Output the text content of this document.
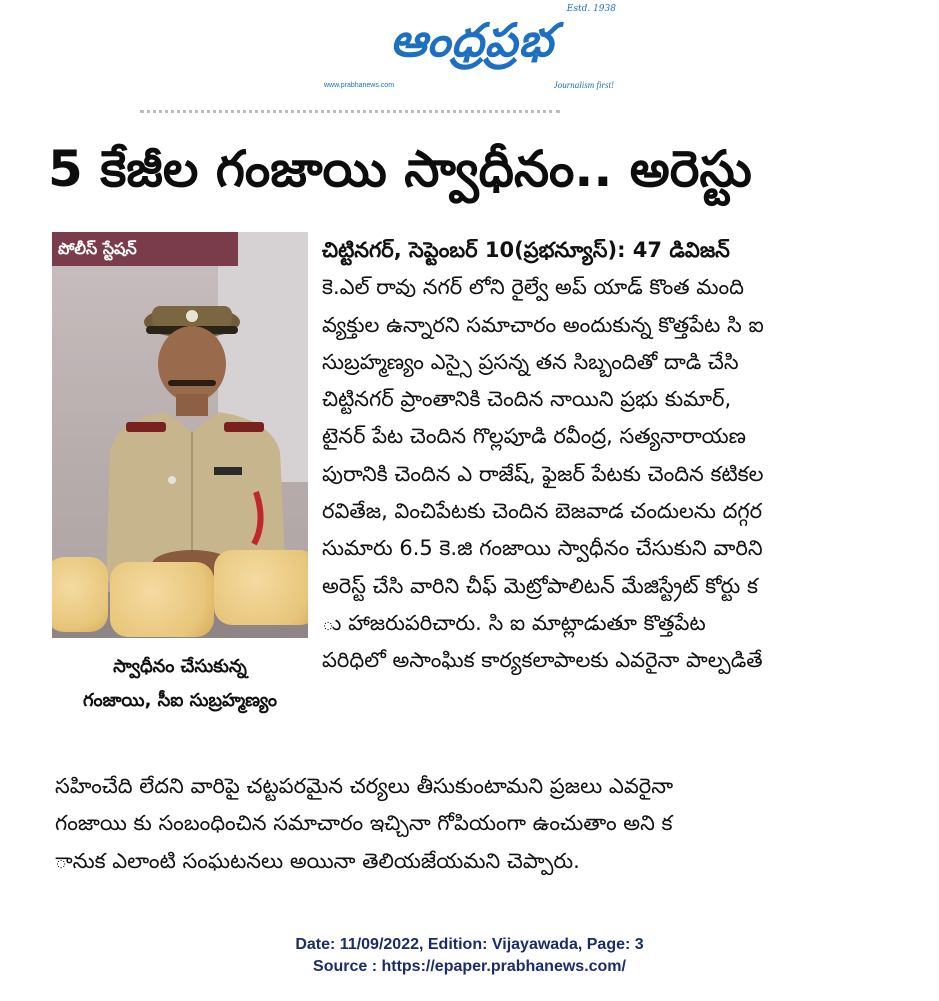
ఆంధ్రప్రభ
Estd. 1938
www.prabhanews.com	Journalism first!
5 కేజీల గంజాయి స్వాధీనం.. అరెస్టు
పోలీస్ స్టేషన్
స్వాధీనం చేసుకున్న
గంజాయి, సీఐ సుబ్రహ్మణ్యం
చిట్టినగర్, సెప్టెంబర్ 10(ప్రభన్యూస్): 47 డివిజన్
కె.ఎల్ రావు నగర్ లోని రైల్వే అప్ యాడ్ కొంత మంది
వ్యక్తుల ఉన్నారని సమాచారం అందుకున్న కొత్తపేట సి ఐ
సుబ్రహ్మణ్యం ఎస్సై ప్రసన్న తన సిబ్బందితో దాడి చేసి
చిట్టినగర్ ప్రాంతానికి చెందిన నాయిని ప్రభు కుమార్,
టైనర్ పేట చెందిన గొల్లపూడి రవీంద్ర, సత్యనారాయణ
పురానికి చెందిన ఎ రాజేష్, ఫైజర్ పేటకు చెందిన కటికల
రవితేజ, వించిపేటకు చెందిన బెజవాడ చందులను దగ్గర
సుమారు 6.5 కె.జి గంజాయి స్వాధీనం చేసుకుని వారిని
అరెస్ట్ చేసి వారిని చీఫ్ మెట్రోపాలిటన్ మేజిస్ట్రేట్ కోర్టు క
ు హాజరుపరిచారు. సి ఐ మాట్లాడుతూ కొత్తపేట
పరిధిలో అసాంఘిక కార్యకలాపాలకు ఎవరైనా పాల్పడితే
సహించేది లేదని వారిపై చట్టపరమైన చర్యలు తీసుకుంటామని ప్రజలు ఎవరైనా
గంజాయి కు సంబంధించిన సమాచారం ఇచ్చినా గోపియంగా ఉంచుతాం అని క
ానుక ఎలాంటి సంఘటనలు అయినా తెలియజేయమని చెప్పారు.
Date: 11/09/2022, Edition: Vijayawada, Page: 3
Source : https://epaper.prabhanews.com/
